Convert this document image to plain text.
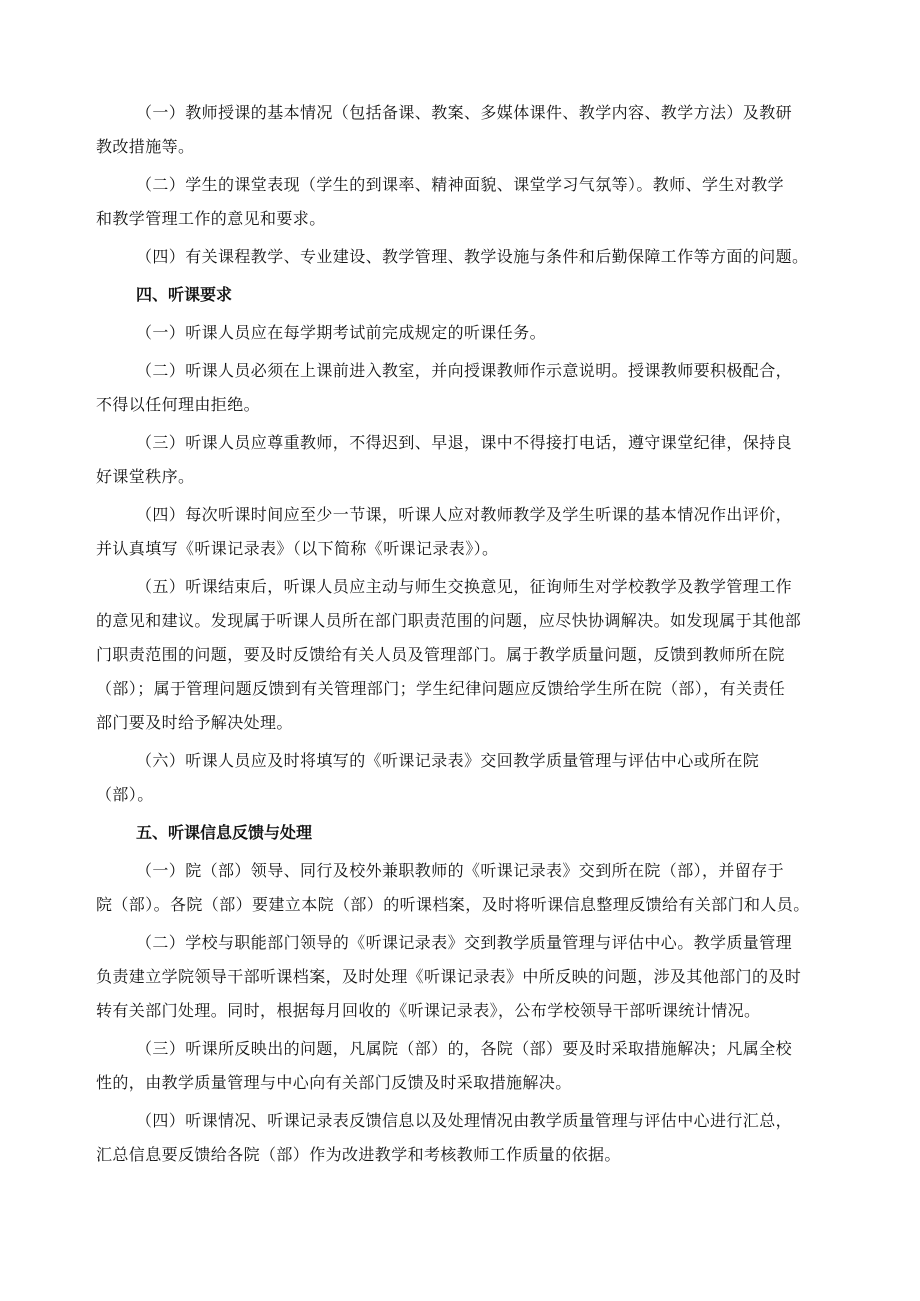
（一）教师授课的基本情况（包括备课、教案、多媒体课件、教学内容、教学方法）及教研
教改措施等。

（二）学生的课堂表现（学生的到课率、精神面貌、课堂学习气氛等）。教师、学生对教学
和教学管理工作的意见和要求。

（四）有关课程教学、专业建设、教学管理、教学设施与条件和后勤保障工作等方面的问题。

四、听课要求

（一）听课人员应在每学期考试前完成规定的听课任务。

（二）听课人员必须在上课前进入教室，并向授课教师作示意说明。授课教师要积极配合，
不得以任何理由拒绝。

（三）听课人员应尊重教师，不得迟到、早退，课中不得接打电话，遵守课堂纪律，保持良
好课堂秩序。

（四）每次听课时间应至少一节课，听课人应对教师教学及学生听课的基本情况作出评价，
并认真填写《听课记录表》（以下简称《听课记录表》）。

（五）听课结束后，听课人员应主动与师生交换意见，征询师生对学校教学及教学管理工作
的意见和建议。发现属于听课人员所在部门职责范围的问题，应尽快协调解决。如发现属于其他部
门职责范围的问题，要及时反馈给有关人员及管理部门。属于教学质量问题，反馈到教师所在院
（部）；属于管理问题反馈到有关管理部门；学生纪律问题应反馈给学生所在院（部），有关责任
部门要及时给予解决处理。

（六）听课人员应及时将填写的《听课记录表》交回教学质量管理与评估中心或所在院
（部）。

五、听课信息反馈与处理

（一）院（部）领导、同行及校外兼职教师的《听课记录表》交到所在院（部），并留存于
院（部）。各院（部）要建立本院（部）的听课档案，及时将听课信息整理反馈给有关部门和人员。

（二）学校与职能部门领导的《听课记录表》交到教学质量管理与评估中心。教学质量管理
负责建立学院领导干部听课档案，及时处理《听课记录表》中所反映的问题，涉及其他部门的及时
转有关部门处理。同时，根据每月回收的《听课记录表》，公布学校领导干部听课统计情况。

（三）听课所反映出的问题，凡属院（部）的，各院（部）要及时采取措施解决；凡属全校
性的，由教学质量管理与中心向有关部门反馈及时采取措施解决。

（四）听课情况、听课记录表反馈信息以及处理情况由教学质量管理与评估中心进行汇总，
汇总信息要反馈给各院（部）作为改进教学和考核教师工作质量的依据。
